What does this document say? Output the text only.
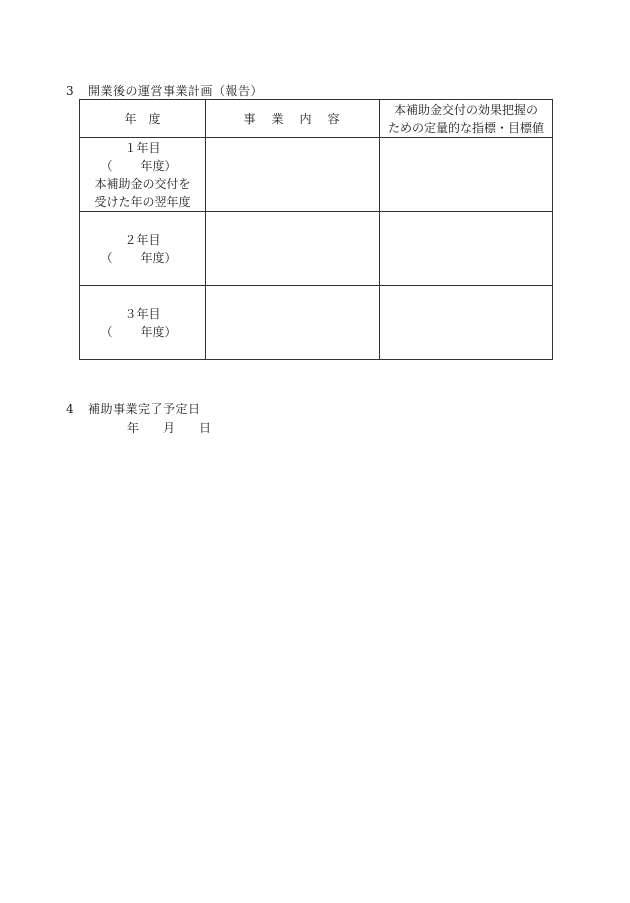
3 開業後の運営事業計画（報告）
年　度	事　業　内　容	本補助金交付の効果把握の
ための定量的な指標・目標値

１年目
（ 年度）
本補助金の交付を
受けた年の翌年度		

２年目
（ 年度）		

３年目
（ 年度）		

4 補助事業完了予定日
年 月 日
